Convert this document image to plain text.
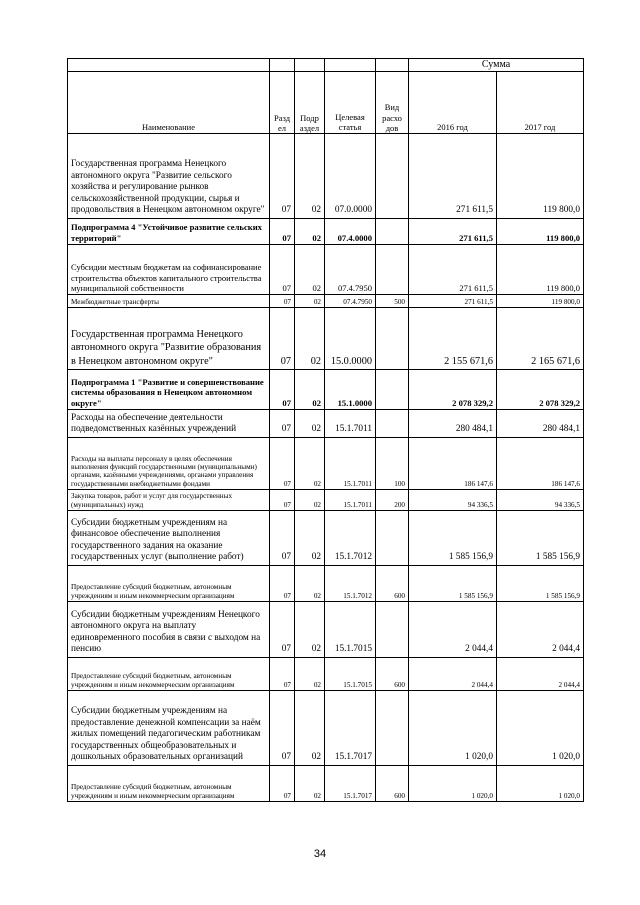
					Сумма	
Наименование	Разд ел	Подр аздел	Целевая статья	Вид расхо дов	2016 год	2017 год
Государственная программа Ненецкого автономного округа "Развитие сельского хозяйства и регулирование рынков сельскохозяйственной продукции, сырья и продовольствия в Ненецком автономном округе"	07	02	07.0.0000		271 611,5	119 800,0
Подпрограмма 4 "Устойчивое развитие сельских территорий"	07	02	07.4.0000		271 611,5	119 800,0
Субсидии местным бюджетам на софинансирование строительства объектов капитального строительства муниципальной собственности	07	02	07.4.7950		271 611,5	119 800,0
Межбюджетные трансферты	07	02	07.4.7950	500	271 611,5	119 800,0
Государственная программа Ненецкого автономного округа "Развитие образования в Ненецком автономном округе"	07	02	15.0.0000		2 155 671,6	2 165 671,6
Подпрограмма 1 "Развитие и совершенствование системы образования в Ненецком автономном округе"	07	02	15.1.0000		2 078 329,2	2 078 329,2
Расходы на обеспечение деятельности подведомственных казённых учреждений	07	02	15.1.7011		280 484,1	280 484,1
Расходы на выплаты персоналу в целях обеспечения выполнения функций государственными (муниципальными) органами, казёнными учреждениями, органами управления государственными внебюджетными фондами	07	02	15.1.7011	100	186 147,6	186 147,6
Закупка товаров, работ и услуг для государственных (муниципальных) нужд	07	02	15.1.7011	200	94 336,5	94 336,5
Субсидии бюджетным учреждениям на финансовое обеспечение выполнения государственного задания на оказание государственных услуг (выполнение работ)	07	02	15.1.7012		1 585 156,9	1 585 156,9
Предоставление субсидий бюджетным, автономным учреждениям и иным некоммерческим организациям	07	02	15.1.7012	600	1 585 156,9	1 585 156,9
Субсидии бюджетным учреждениям Ненецкого автономного округа на выплату единовременного пособия в связи с выходом на пенсию	07	02	15.1.7015		2 044,4	2 044,4
Предоставление субсидий бюджетным, автономным учреждениям и иным некоммерческим организациям	07	02	15.1.7015	600	2 044,4	2 044,4
Субсидии бюджетным учреждениям на предоставление денежной компенсации за наём жилых помещений педагогическим работникам государственных общеобразовательных и дошкольных образовательных организаций	07	02	15.1.7017		1 020,0	1 020,0
Предоставление субсидий бюджетным, автономным учреждениям и иным некоммерческим организациям	07	02	15.1.7017	600	1 020,0	1 020,0
34
